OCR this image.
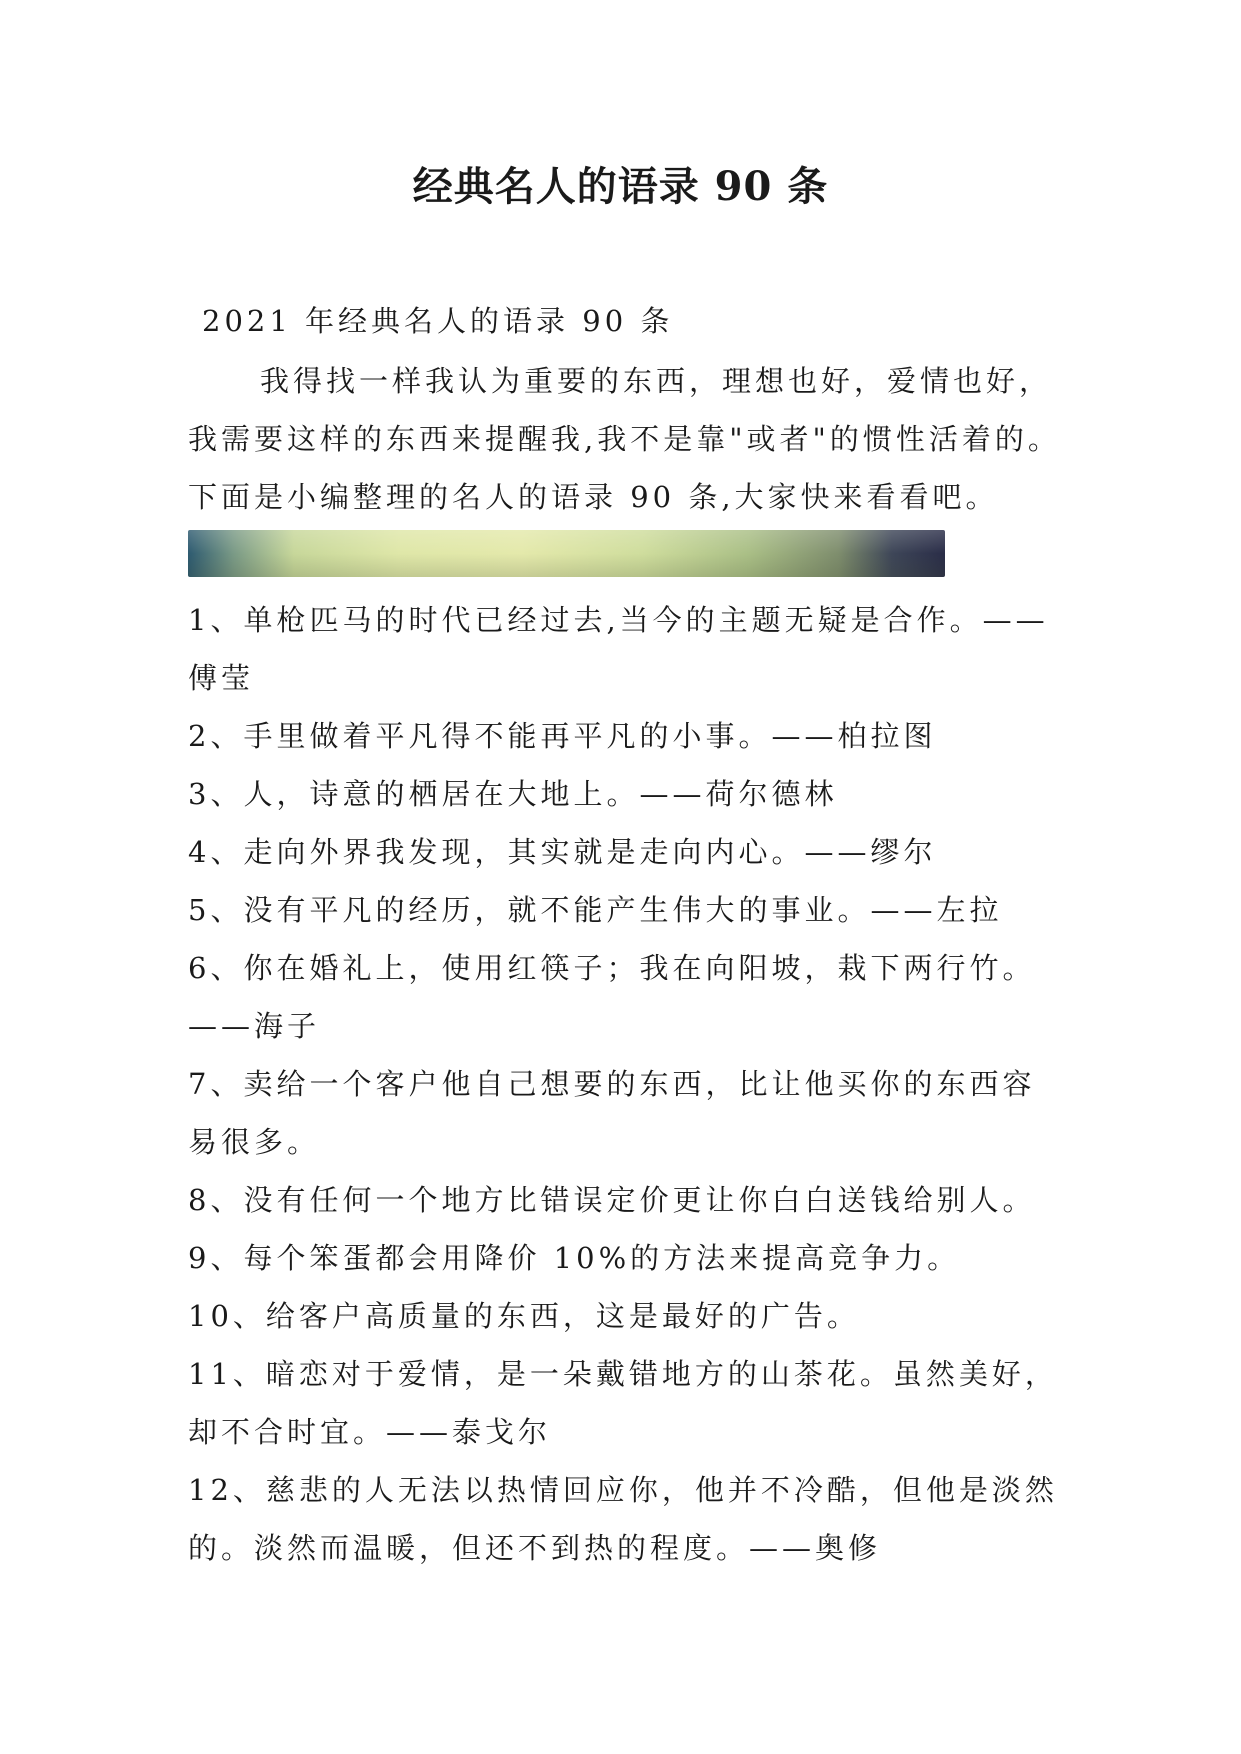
经典名人的语录 90 条
2021 年经典名人的语录 90 条

我得找一样我认为重要的东西，理想也好，爱情也好，我需要这样的东西来提醒我,我不是靠"或者"的惯性活着的。下面是小编整理的名人的语录 90 条,大家快来看看吧。

1、单枪匹马的时代已经过去,当今的主题无疑是合作。——傅莹

2、手里做着平凡得不能再平凡的小事。——柏拉图

3、人，诗意的栖居在大地上。——荷尔德林

4、走向外界我发现，其实就是走向内心。——缪尔

5、没有平凡的经历，就不能产生伟大的事业。——左拉

6、你在婚礼上，使用红筷子；我在向阳坡，栽下两行竹。——海子

7、卖给一个客户他自己想要的东西，比让他买你的东西容易很多。

8、没有任何一个地方比错误定价更让你白白送钱给别人。

9、每个笨蛋都会用降价 10%的方法来提高竞争力。

10、给客户高质量的东西，这是最好的广告。

11、暗恋对于爱情，是一朵戴错地方的山茶花。虽然美好，却不合时宜。——泰戈尔

12、慈悲的人无法以热情回应你，他并不冷酷，但他是淡然的。淡然而温暖，但还不到热的程度。——奥修
